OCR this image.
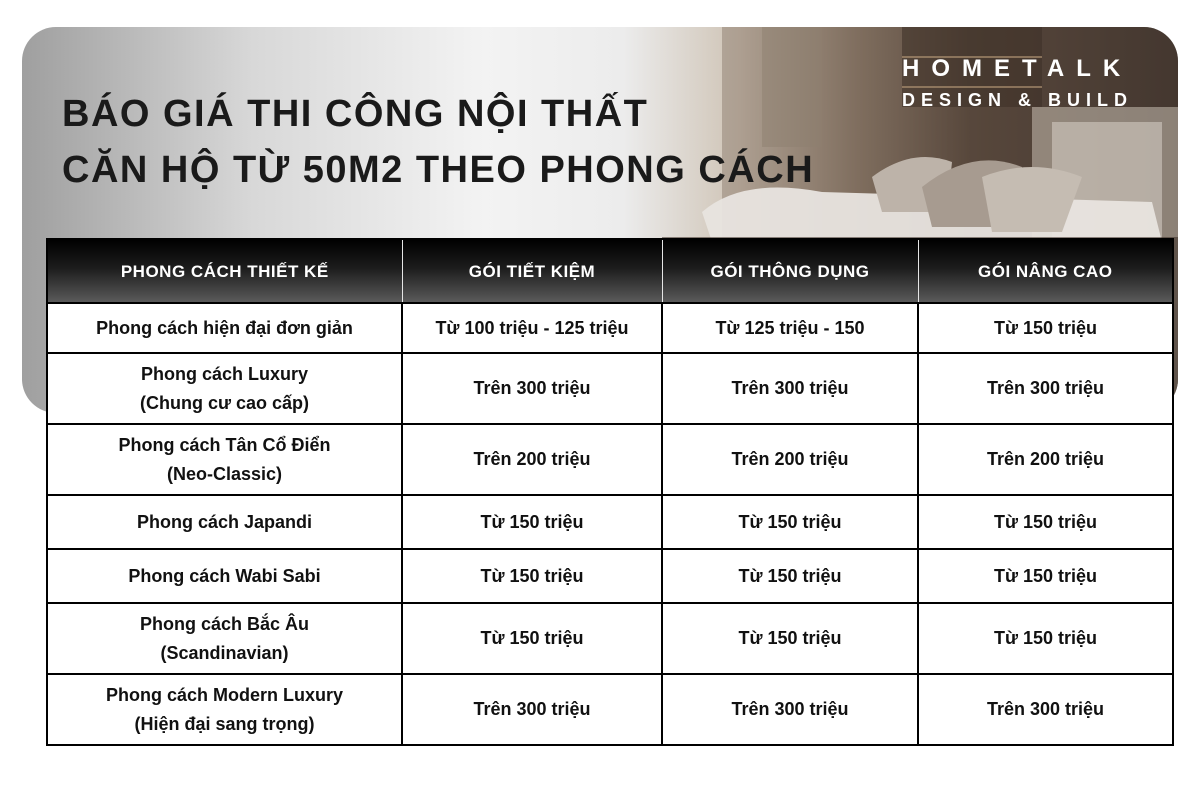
BÁO GIÁ THI CÔNG NỘI THẤT
CĂN HỘ TỪ 50M2 THEO PHONG CÁCH
HOMETALK
DESIGN & BUILD
PHONG CÁCH THIẾT KẾ	GÓI TIẾT KIỆM	GÓI THÔNG DỤNG	GÓI NÂNG CAO

Phong cách hiện đại đơn giản	Từ 100 triệu - 125 triệu	Từ 125 triệu - 150	Từ 150 triệu

Phong cách Luxury
(Chung cư cao cấp)	Trên 300 triệu	Trên 300 triệu	Trên 300 triệu

Phong cách Tân Cổ Điển
(Neo-Classic)	Trên 200 triệu	Trên 200 triệu	Trên 200 triệu

Phong cách Japandi	Từ 150 triệu	Từ 150 triệu	Từ 150 triệu

Phong cách Wabi Sabi	Từ 150 triệu	Từ 150 triệu	Từ 150 triệu

Phong cách Bắc Âu
(Scandinavian)	Từ 150 triệu	Từ 150 triệu	Từ 150 triệu

Phong cách Modern Luxury
(Hiện đại sang trọng)	Trên 300 triệu	Trên 300 triệu	Trên 300 triệu
